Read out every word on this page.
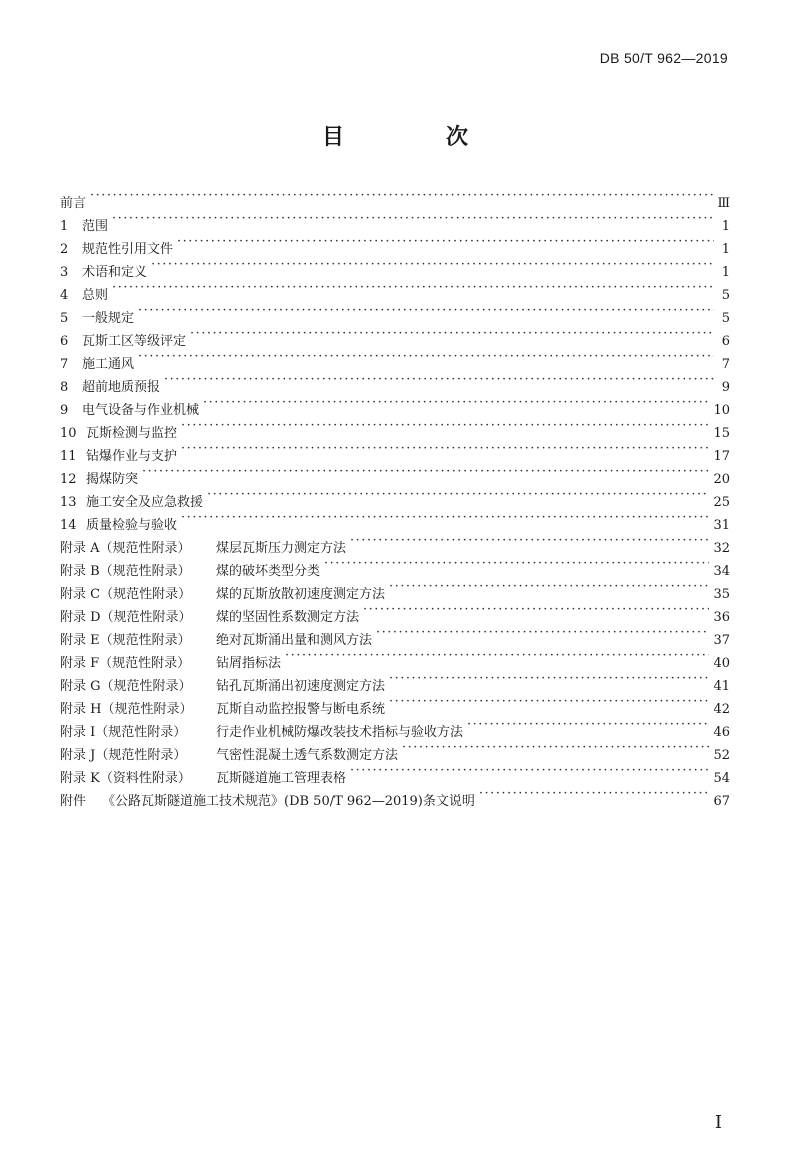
DB 50/T 962—2019
目　次
前言 ·····	Ⅲ
1	范围 ·····	1
2	规范性引用文件 ·····	1
3	术语和定义 ·····	1
4	总则 ·····	5
5	一般规定 ·····	5
6	瓦斯工区等级评定 ·····	6
7	施工通风 ·····	7
8	超前地质预报 ·····	9
9	电气设备与作业机械 ·····	10
10 瓦斯检测与监控 ·····	15
11 钻爆作业与支护 ·····	17
12 揭煤防突 ·····	20
13 施工安全及应急救援 ·····	25
14 质量检验与验收 ·····	31
附录 A（规范性附录）	煤层瓦斯压力测定方法 ·····	32
附录 B（规范性附录）	煤的破坏类型分类 ·····	34
附录 C（规范性附录）	煤的瓦斯放散初速度测定方法 ·····	35
附录 D（规范性附录）	煤的坚固性系数测定方法 ·····	36
附录 E（规范性附录）	绝对瓦斯涌出量和测风方法 ·····	37
附录 F（规范性附录）	钻屑指标法 ·····	40
附录 G（规范性附录）	钻孔瓦斯涌出初速度测定方法 ·····	41
附录 H（规范性附录）	瓦斯自动监控报警与断电系统 ·····	42
附录 I（规范性附录）	行走作业机械防爆改装技术指标与验收方法 ·····	46
附录 J（规范性附录）	气密性混凝土透气系数测定方法 ·····	52
附录 K（资料性附录）	瓦斯隧道施工管理表格 ·····	54
附件	《公路瓦斯隧道施工技术规范》(DB 50/T 962—2019)条文说明 ·····	67
I
